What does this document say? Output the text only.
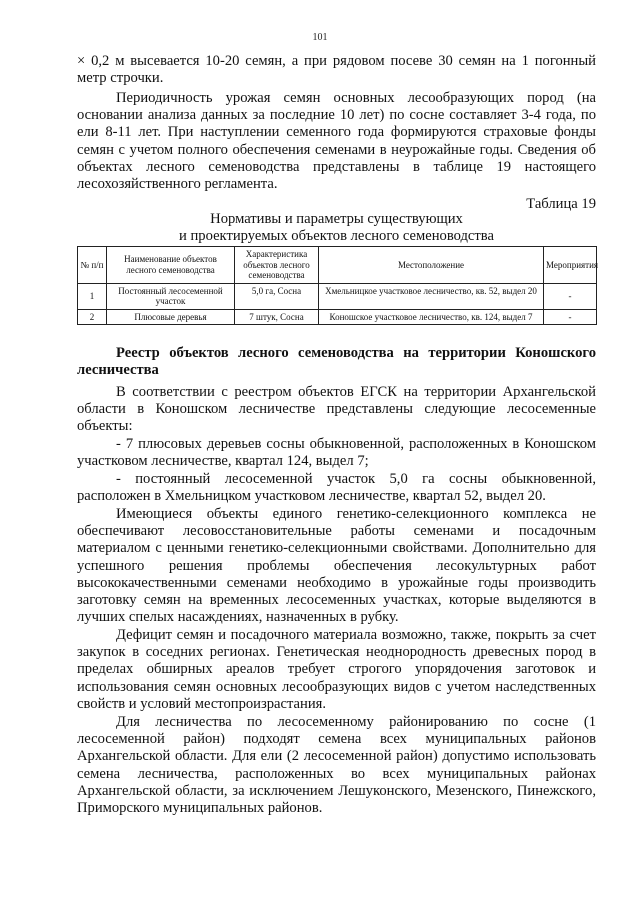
101

× 0,2 м высевается 10-20 семян, а при рядовом посеве 30 семян на 1 погонный метр строчки.

Периодичность урожая семян основных лесообразующих пород (на основании анализа данных за последние 10 лет) по сосне составляет 3-4 года, по ели 8-11 лет. При наступлении семенного года формируются страховые фонды семян с учетом полного обеспечения семенами в неурожайные годы. Сведения об объектах лесного семеноводства представлены в таблице 19 настоящего лесохозяйственного регламента.

Таблица 19
Нормативы и параметры существующих
и проектируемых объектов лесного семеноводства
№ п/п	Наименование объектов лесного семеноводства	Характеристика объектов лесного семеноводства	Местоположение	Мероприятия
1	Постоянный лесосеменной участок	5,0 га, Сосна	Хмельницкое участковое лесничество, кв. 52, выдел 20	-
2	Плюсовые деревья	7 штук, Сосна	Коношское участковое лесничество, кв. 124, выдел 7	-

Реестр объектов лесного семеноводства на территории Коношского лесничества

В соответствии с реестром объектов ЕГСК на территории Архангельской области в Коношском лесничестве представлены следующие лесосеменные объекты:

- 7 плюсовых деревьев сосны обыкновенной, расположенных в Коношском участковом лесничестве, квартал 124, выдел 7;

- постоянный лесосеменной участок 5,0 га сосны обыкновенной, расположен в Хмельницком участковом лесничестве, квартал 52, выдел 20.

Имеющиеся объекты единого генетико-селекционного комплекса не обеспечивают лесовосстановительные работы семенами и посадочным материалом с ценными генетико-селекционными свойствами. Дополнительно для успешного решения проблемы обеспечения лесокультурных работ высококачественными семенами необходимо в урожайные годы производить заготовку семян на временных лесосеменных участках, которые выделяются в лучших спелых насаждениях, назначенных в рубку.

Дефицит семян и посадочного материала возможно, также, покрыть за счет закупок в соседних регионах. Генетическая неоднородность древесных пород в пределах обширных ареалов требует строгого упорядочения заготовок и использования семян основных лесообразующих видов с учетом наследственных свойств и условий местопроизрастания.

Для лесничества по лесосеменному районированию по сосне (1 лесосеменной район) подходят семена всех муниципальных районов Архангельской области. Для ели (2 лесосеменной район) допустимо использовать семена лесничества, расположенных во всех муниципальных районах Архангельской области, за исключением Лешуконского, Мезенского, Пинежского, Приморского муниципальных районов.
